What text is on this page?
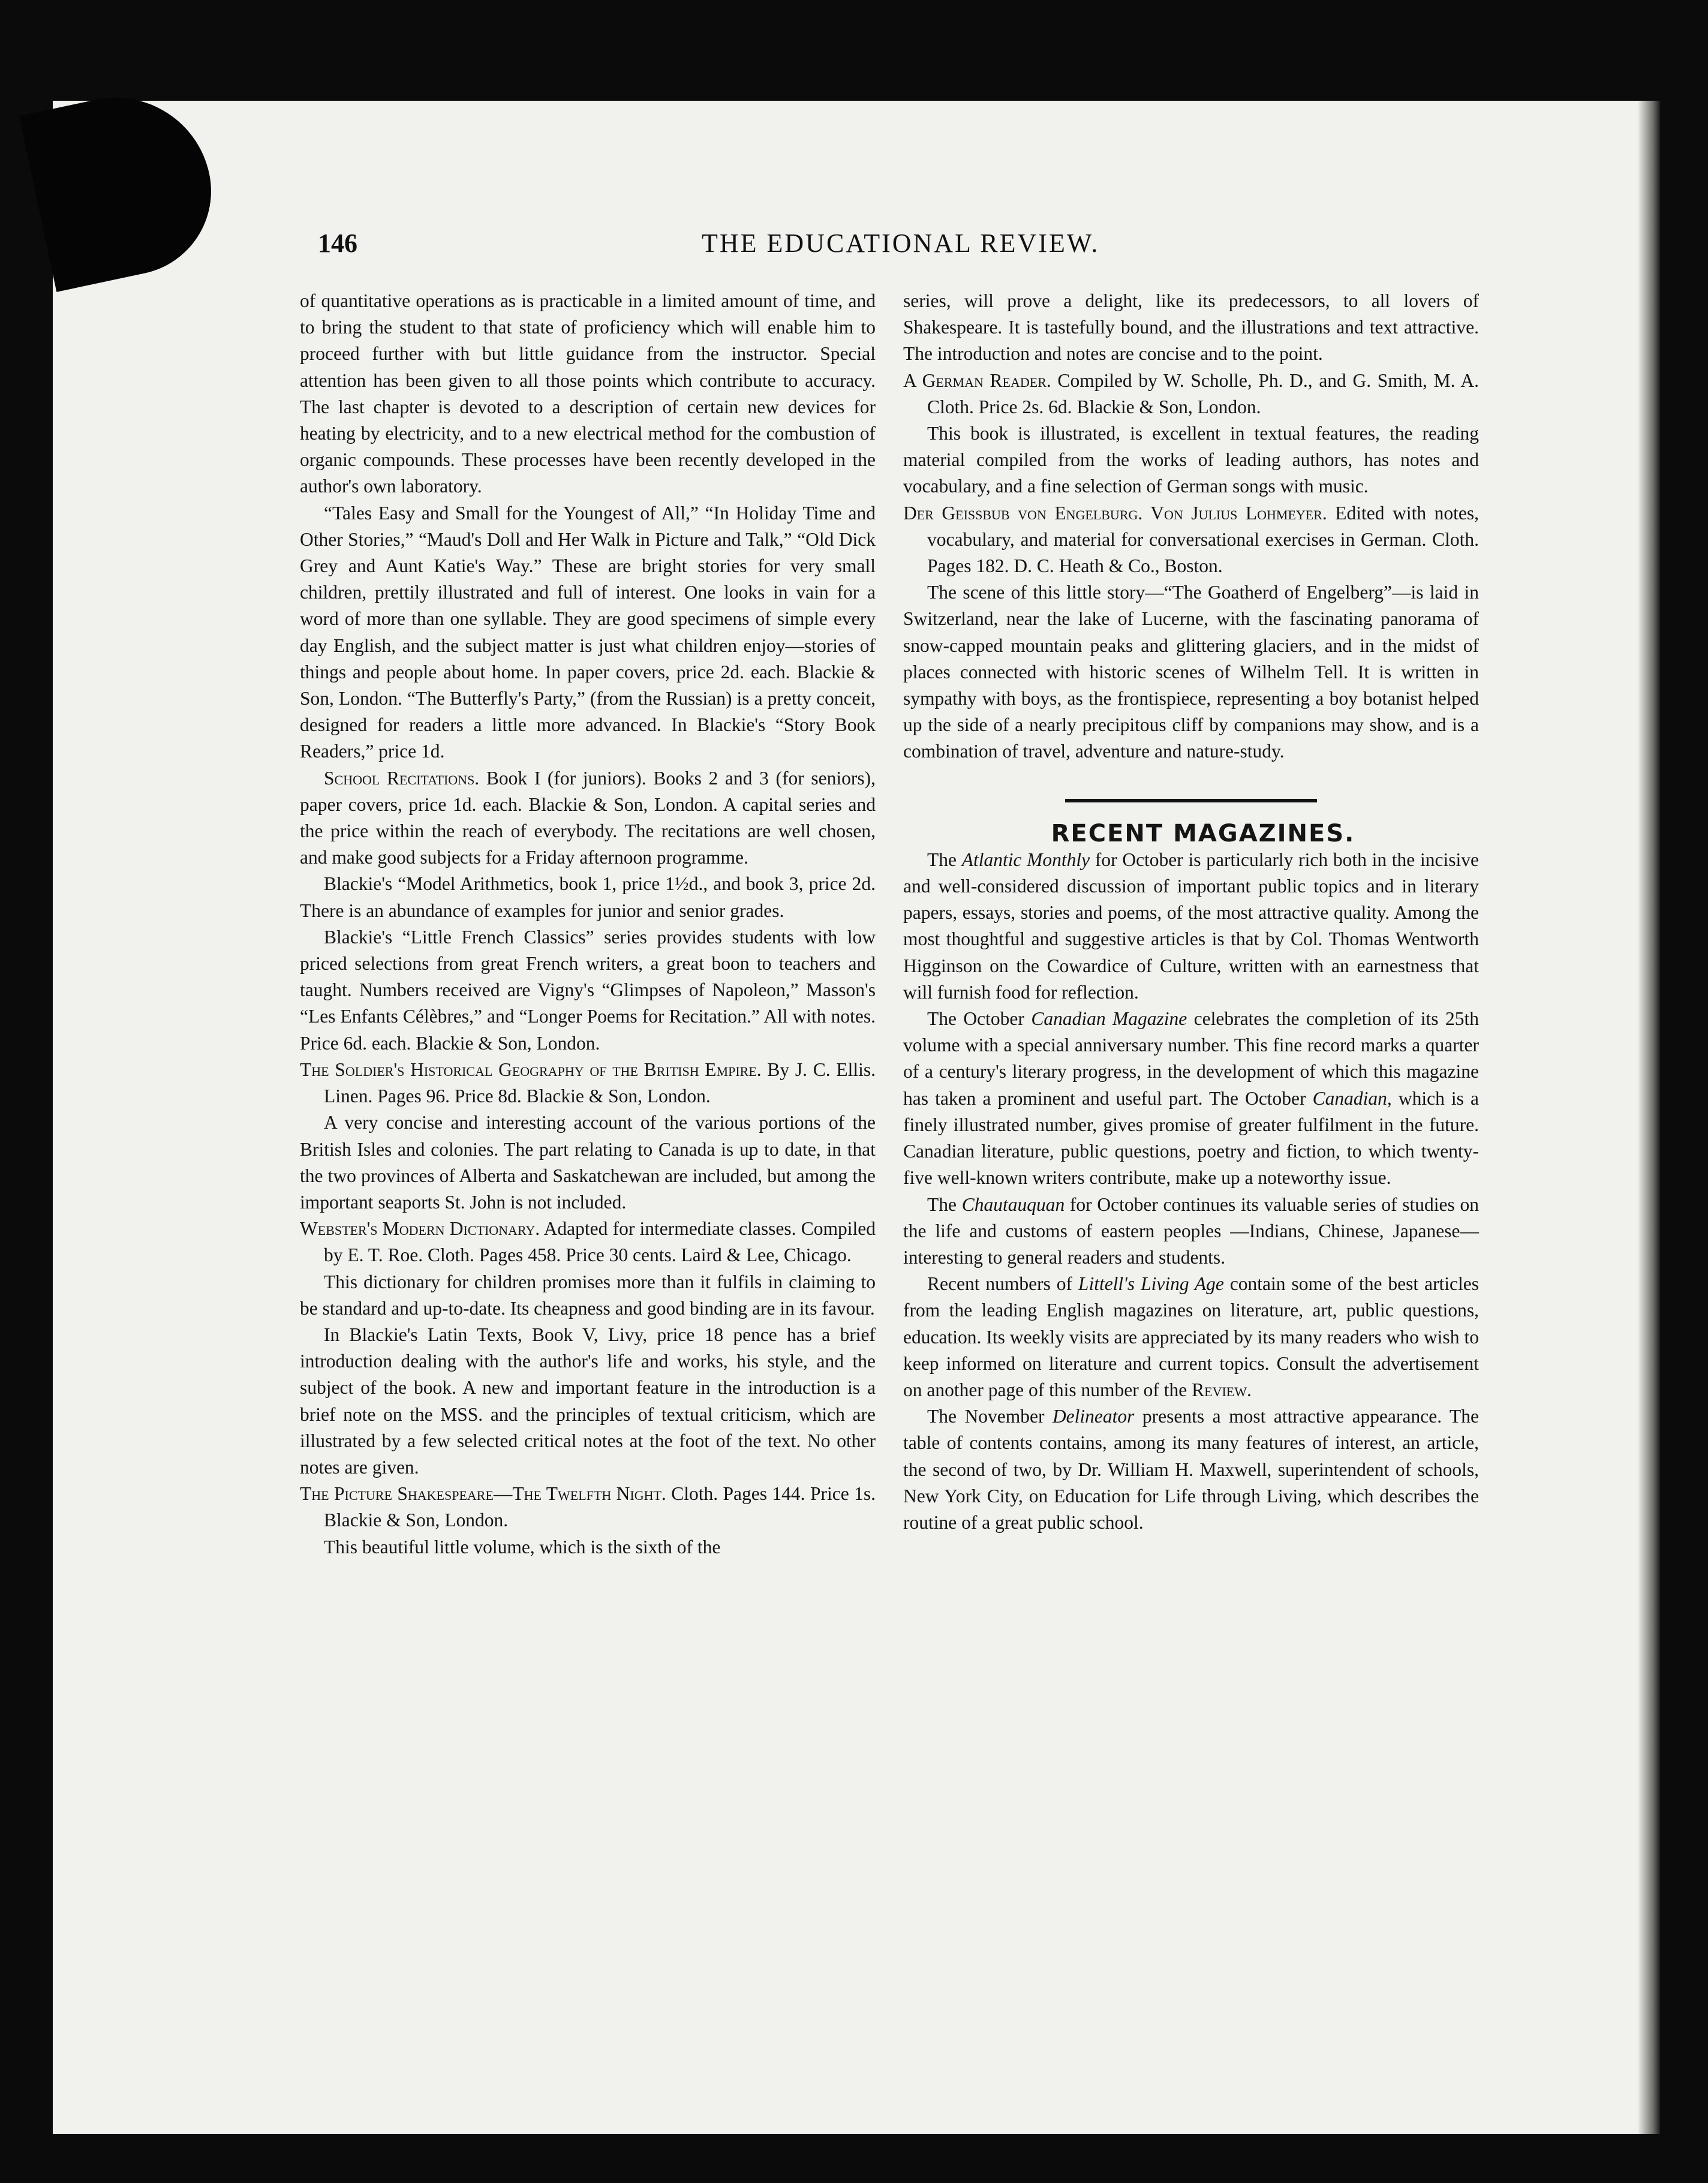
146	THE EDUCATIONAL REVIEW.

of quantitative operations as is practicable in a limited amount of time, and to bring the student to that state of proficiency which will enable him to proceed further with but little guidance from the instructor. Special attention has been given to all those points which contribute to accuracy. The last chapter is devoted to a description of certain new devices for heating by electricity, and to a new electrical method for the combustion of organic compounds. These processes have been recently developed in the author's own laboratory.

“Tales Easy and Small for the Youngest of All,” “In Holiday Time and Other Stories,” “Maud's Doll and Her Walk in Picture and Talk,” “Old Dick Grey and Aunt Katie's Way.” These are bright stories for very small children, prettily illustrated and full of interest. One looks in vain for a word of more than one syllable. They are good specimens of simple every day English, and the subject matter is just what children enjoy—stories of things and people about home. In paper covers, price 2d. each. Blackie & Son, London. “The Butterfly's Party,” (from the Russian) is a pretty conceit, designed for readers a little more advanced. In Blackie's “Story Book Readers,” price 1d.

School Recitations. Book I (for juniors). Books 2 and 3 (for seniors), paper covers, price 1d. each. Blackie & Son, London. A capital series and the price within the reach of everybody. The recitations are well chosen, and make good subjects for a Friday afternoon programme.

Blackie's “Model Arithmetics, book 1, price 1½d., and book 3, price 2d. There is an abundance of examples for junior and senior grades.

Blackie's “Little French Classics” series provides students with low priced selections from great French writers, a great boon to teachers and taught. Numbers received are Vigny's “Glimpses of Napoleon,” Masson's “Les Enfants Célèbres,” and “Longer Poems for Recitation.” All with notes. Price 6d. each. Blackie & Son, London.

The Soldier's Historical Geography of the British Empire. By J. C. Ellis. Linen. Pages 96. Price 8d. Blackie & Son, London.

A very concise and interesting account of the various portions of the British Isles and colonies. The part relating to Canada is up to date, in that the two provinces of Alberta and Saskatchewan are included, but among the important seaports St. John is not included.

Webster's Modern Dictionary. Adapted for intermediate classes. Compiled by E. T. Roe. Cloth. Pages 458. Price 30 cents. Laird & Lee, Chicago.

This dictionary for children promises more than it fulfils in claiming to be standard and up-to-date. Its cheapness and good binding are in its favour.

In Blackie's Latin Texts, Book V, Livy, price 18 pence has a brief introduction dealing with the author's life and works, his style, and the subject of the book. A new and important feature in the introduction is a brief note on the MSS. and the principles of textual criticism, which are illustrated by a few selected critical notes at the foot of the text. No other notes are given.

The Picture Shakespeare—The Twelfth Night. Cloth. Pages 144. Price 1s. Blackie & Son, London.

This beautiful little volume, which is the sixth of the

series, will prove a delight, like its predecessors, to all lovers of Shakespeare. It is tastefully bound, and the illustrations and text attractive. The introduction and notes are concise and to the point.

A German Reader. Compiled by W. Scholle, Ph. D., and G. Smith, M. A. Cloth. Price 2s. 6d. Blackie & Son, London.

This book is illustrated, is excellent in textual features, the reading material compiled from the works of leading authors, has notes and vocabulary, and a fine selection of German songs with music.

Der Geissbub von Engelburg. Von Julius Lohmeyer. Edited with notes, vocabulary, and material for conversational exercises in German. Cloth. Pages 182. D. C. Heath & Co., Boston.

The scene of this little story—“The Goatherd of Engelberg”—is laid in Switzerland, near the lake of Lucerne, with the fascinating panorama of snow-capped mountain peaks and glittering glaciers, and in the midst of places connected with historic scenes of Wilhelm Tell. It is written in sympathy with boys, as the frontispiece, representing a boy botanist helped up the side of a nearly precipitous cliff by companions may show, and is a combination of travel, adventure and nature-study.

RECENT MAGAZINES.

The Atlantic Monthly for October is particularly rich both in the incisive and well-considered discussion of important public topics and in literary papers, essays, stories and poems, of the most attractive quality. Among the most thoughtful and suggestive articles is that by Col. Thomas Wentworth Higginson on the Cowardice of Culture, written with an earnestness that will furnish food for reflection.

The October Canadian Magazine celebrates the completion of its 25th volume with a special anniversary number. This fine record marks a quarter of a century's literary progress, in the development of which this magazine has taken a prominent and useful part. The October Canadian, which is a finely illustrated number, gives promise of greater fulfilment in the future. Canadian literature, public questions, poetry and fiction, to which twenty-five well-known writers contribute, make up a noteworthy issue.

The Chautauquan for October continues its valuable series of studies on the life and customs of eastern peoples —Indians, Chinese, Japanese—interesting to general readers and students.

Recent numbers of Littell's Living Age contain some of the best articles from the leading English magazines on literature, art, public questions, education. Its weekly visits are appreciated by its many readers who wish to keep informed on literature and current topics. Consult the advertisement on another page of this number of the Review.

The November Delineator presents a most attractive appearance. The table of contents contains, among its many features of interest, an article, the second of two, by Dr. William H. Maxwell, superintendent of schools, New York City, on Education for Life through Living, which describes the routine of a great public school.
